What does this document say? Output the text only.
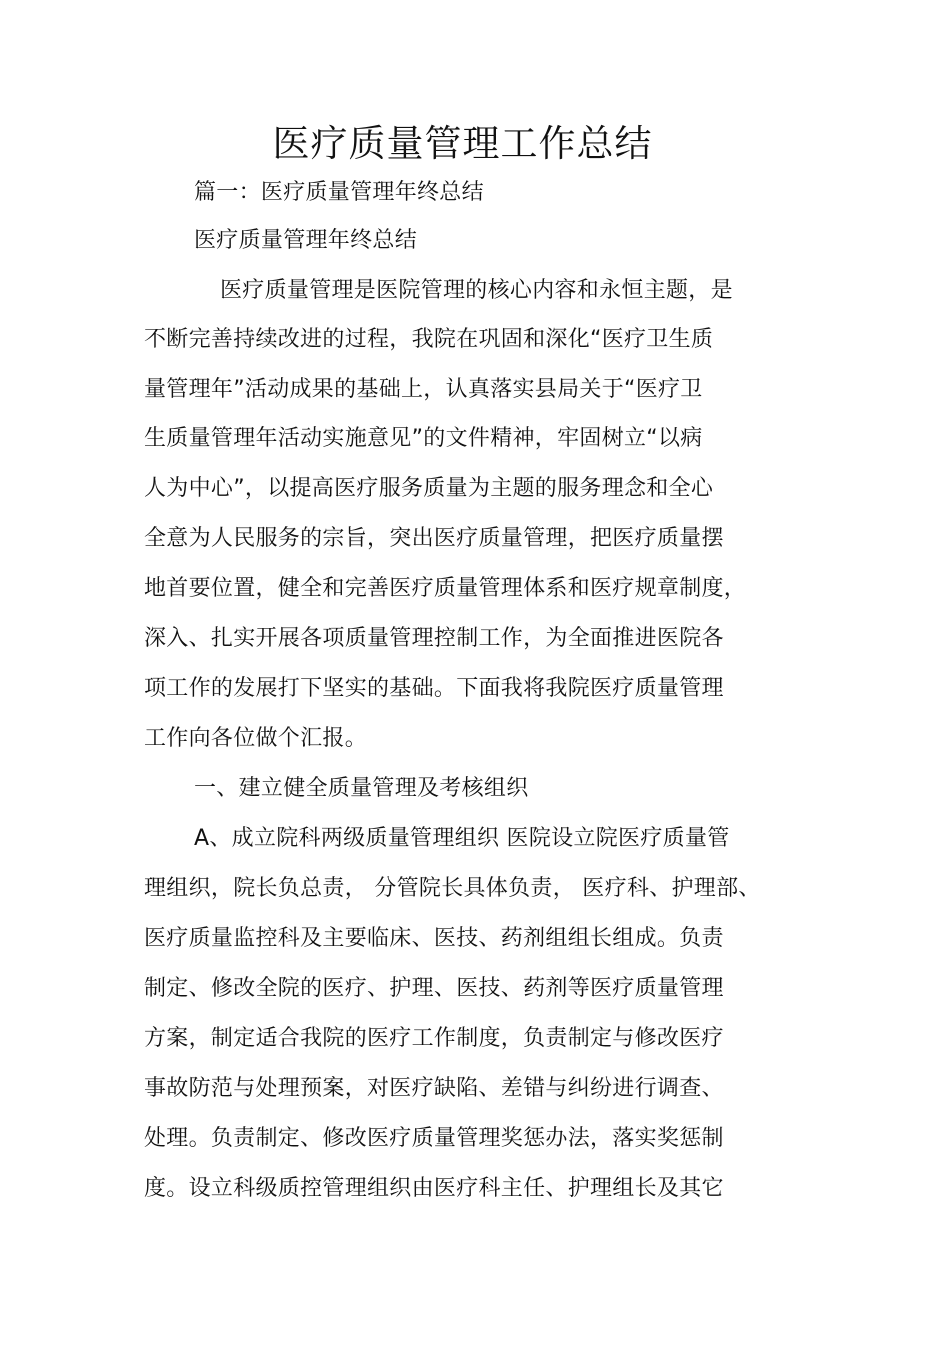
医疗质量管理工作总结
篇一：医疗质量管理年终总结
医疗质量管理年终总结
医疗质量管理是医院管理的核心内容和永恒主题，是
不断完善持续改进的过程，我院在巩固和深化“医疗卫生质
量管理年”活动成果的基础上，认真落实县局关于“医疗卫
生质量管理年活动实施意见”的文件精神，牢固树立“以病
人为中心”，以提高医疗服务质量为主题的服务理念和全心
全意为人民服务的宗旨，突出医疗质量管理，把医疗质量摆
地首要位置，健全和完善医疗质量管理体系和医疗规章制度，
深入、扎实开展各项质量管理控制工作，为全面推进医院各
项工作的发展打下坚实的基础。下面我将我院医疗质量管理
工作向各位做个汇报。
一、建立健全质量管理及考核组织
A、成立院科两级质量管理组织 医院设立院医疗质量管
理组织，院长负总责， 分管院长具体负责， 医疗科、护理部、
医疗质量监控科及主要临床、医技、药剂组组长组成。负责
制定、修改全院的医疗、护理、医技、药剂等医疗质量管理
方案，制定适合我院的医疗工作制度，负责制定与修改医疗
事故防范与处理预案，对医疗缺陷、差错与纠纷进行调查、
处理。负责制定、修改医疗质量管理奖惩办法，落实奖惩制
度。设立科级质控管理组织由医疗科主任、护理组长及其它
